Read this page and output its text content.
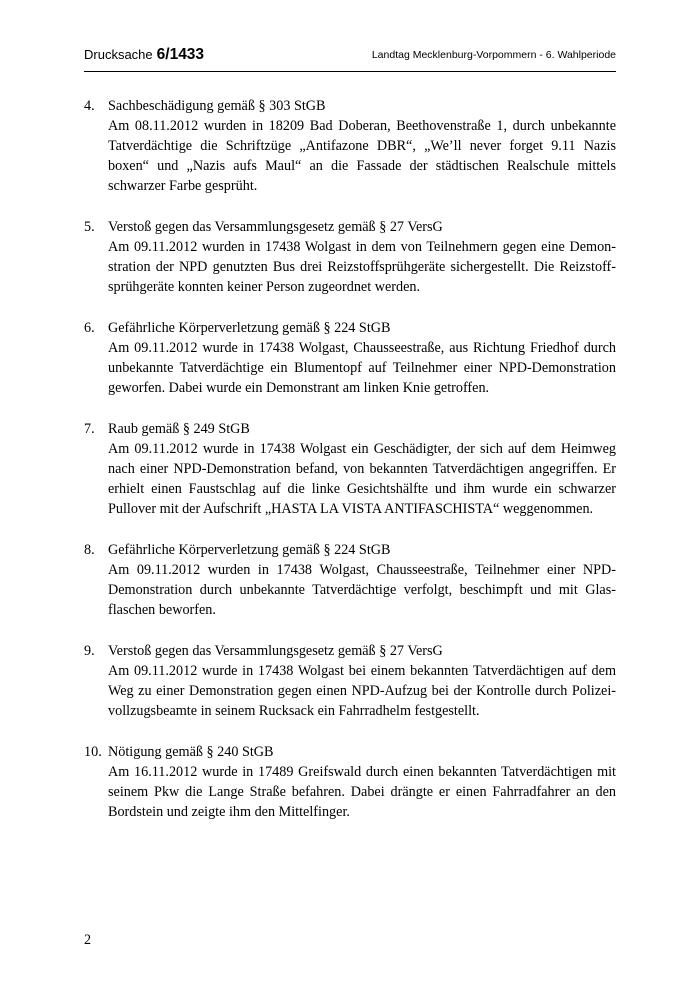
Drucksache 6/1433	Landtag Mecklenburg-Vorpommern - 6. Wahlperiode
4. Sachbeschädigung gemäß § 303 StGB
Am 08.11.2012 wurden in 18209 Bad Doberan, Beethovenstraße 1, durch unbekannte Tatverdächtige die Schriftzüge „Antifazone DBR“, „We’ll never forget 9.11 Nazis boxen“ und „Nazis aufs Maul“ an die Fassade der städtischen Realschule mittels schwarzer Farbe gesprüht.
5. Verstoß gegen das Versammlungsgesetz gemäß § 27 VersG
Am 09.11.2012 wurden in 17438 Wolgast in dem von Teilnehmern gegen eine Demonstration der NPD genutzten Bus drei Reizstoffsprühgeräte sichergestellt. Die Reizstoffsprühgeräte konnten keiner Person zugeordnet werden.
6. Gefährliche Körperverletzung gemäß § 224 StGB
Am 09.11.2012 wurde in 17438 Wolgast, Chausseestraße, aus Richtung Friedhof durch unbekannte Tatverdächtige ein Blumentopf auf Teilnehmer einer NPD-Demonstration geworfen. Dabei wurde ein Demonstrant am linken Knie getroffen.
7. Raub gemäß § 249 StGB
Am 09.11.2012 wurde in 17438 Wolgast ein Geschädigter, der sich auf dem Heimweg nach einer NPD-Demonstration befand, von bekannten Tatverdächtigen angegriffen. Er erhielt einen Faustschlag auf die linke Gesichtshälfte und ihm wurde ein schwarzer Pullover mit der Aufschrift „HASTA LA VISTA ANTIFASCHISTA“ weggenommen.
8. Gefährliche Körperverletzung gemäß § 224 StGB
Am 09.11.2012 wurden in 17438 Wolgast, Chausseestraße, Teilnehmer einer NPD-Demonstration durch unbekannte Tatverdächtige verfolgt, beschimpft und mit Glasflaschen beworfen.
9. Verstoß gegen das Versammlungsgesetz gemäß § 27 VersG
Am 09.11.2012 wurde in 17438 Wolgast bei einem bekannten Tatverdächtigen auf dem Weg zu einer Demonstration gegen einen NPD-Aufzug bei der Kontrolle durch Polizeivollzugsbeamte in seinem Rucksack ein Fahrradhelm festgestellt.
10. Nötigung gemäß § 240 StGB
Am 16.11.2012 wurde in 17489 Greifswald durch einen bekannten Tatverdächtigen mit seinem Pkw die Lange Straße befahren. Dabei drängte er einen Fahrradfahrer an den Bordstein und zeigte ihm den Mittelfinger.
2
